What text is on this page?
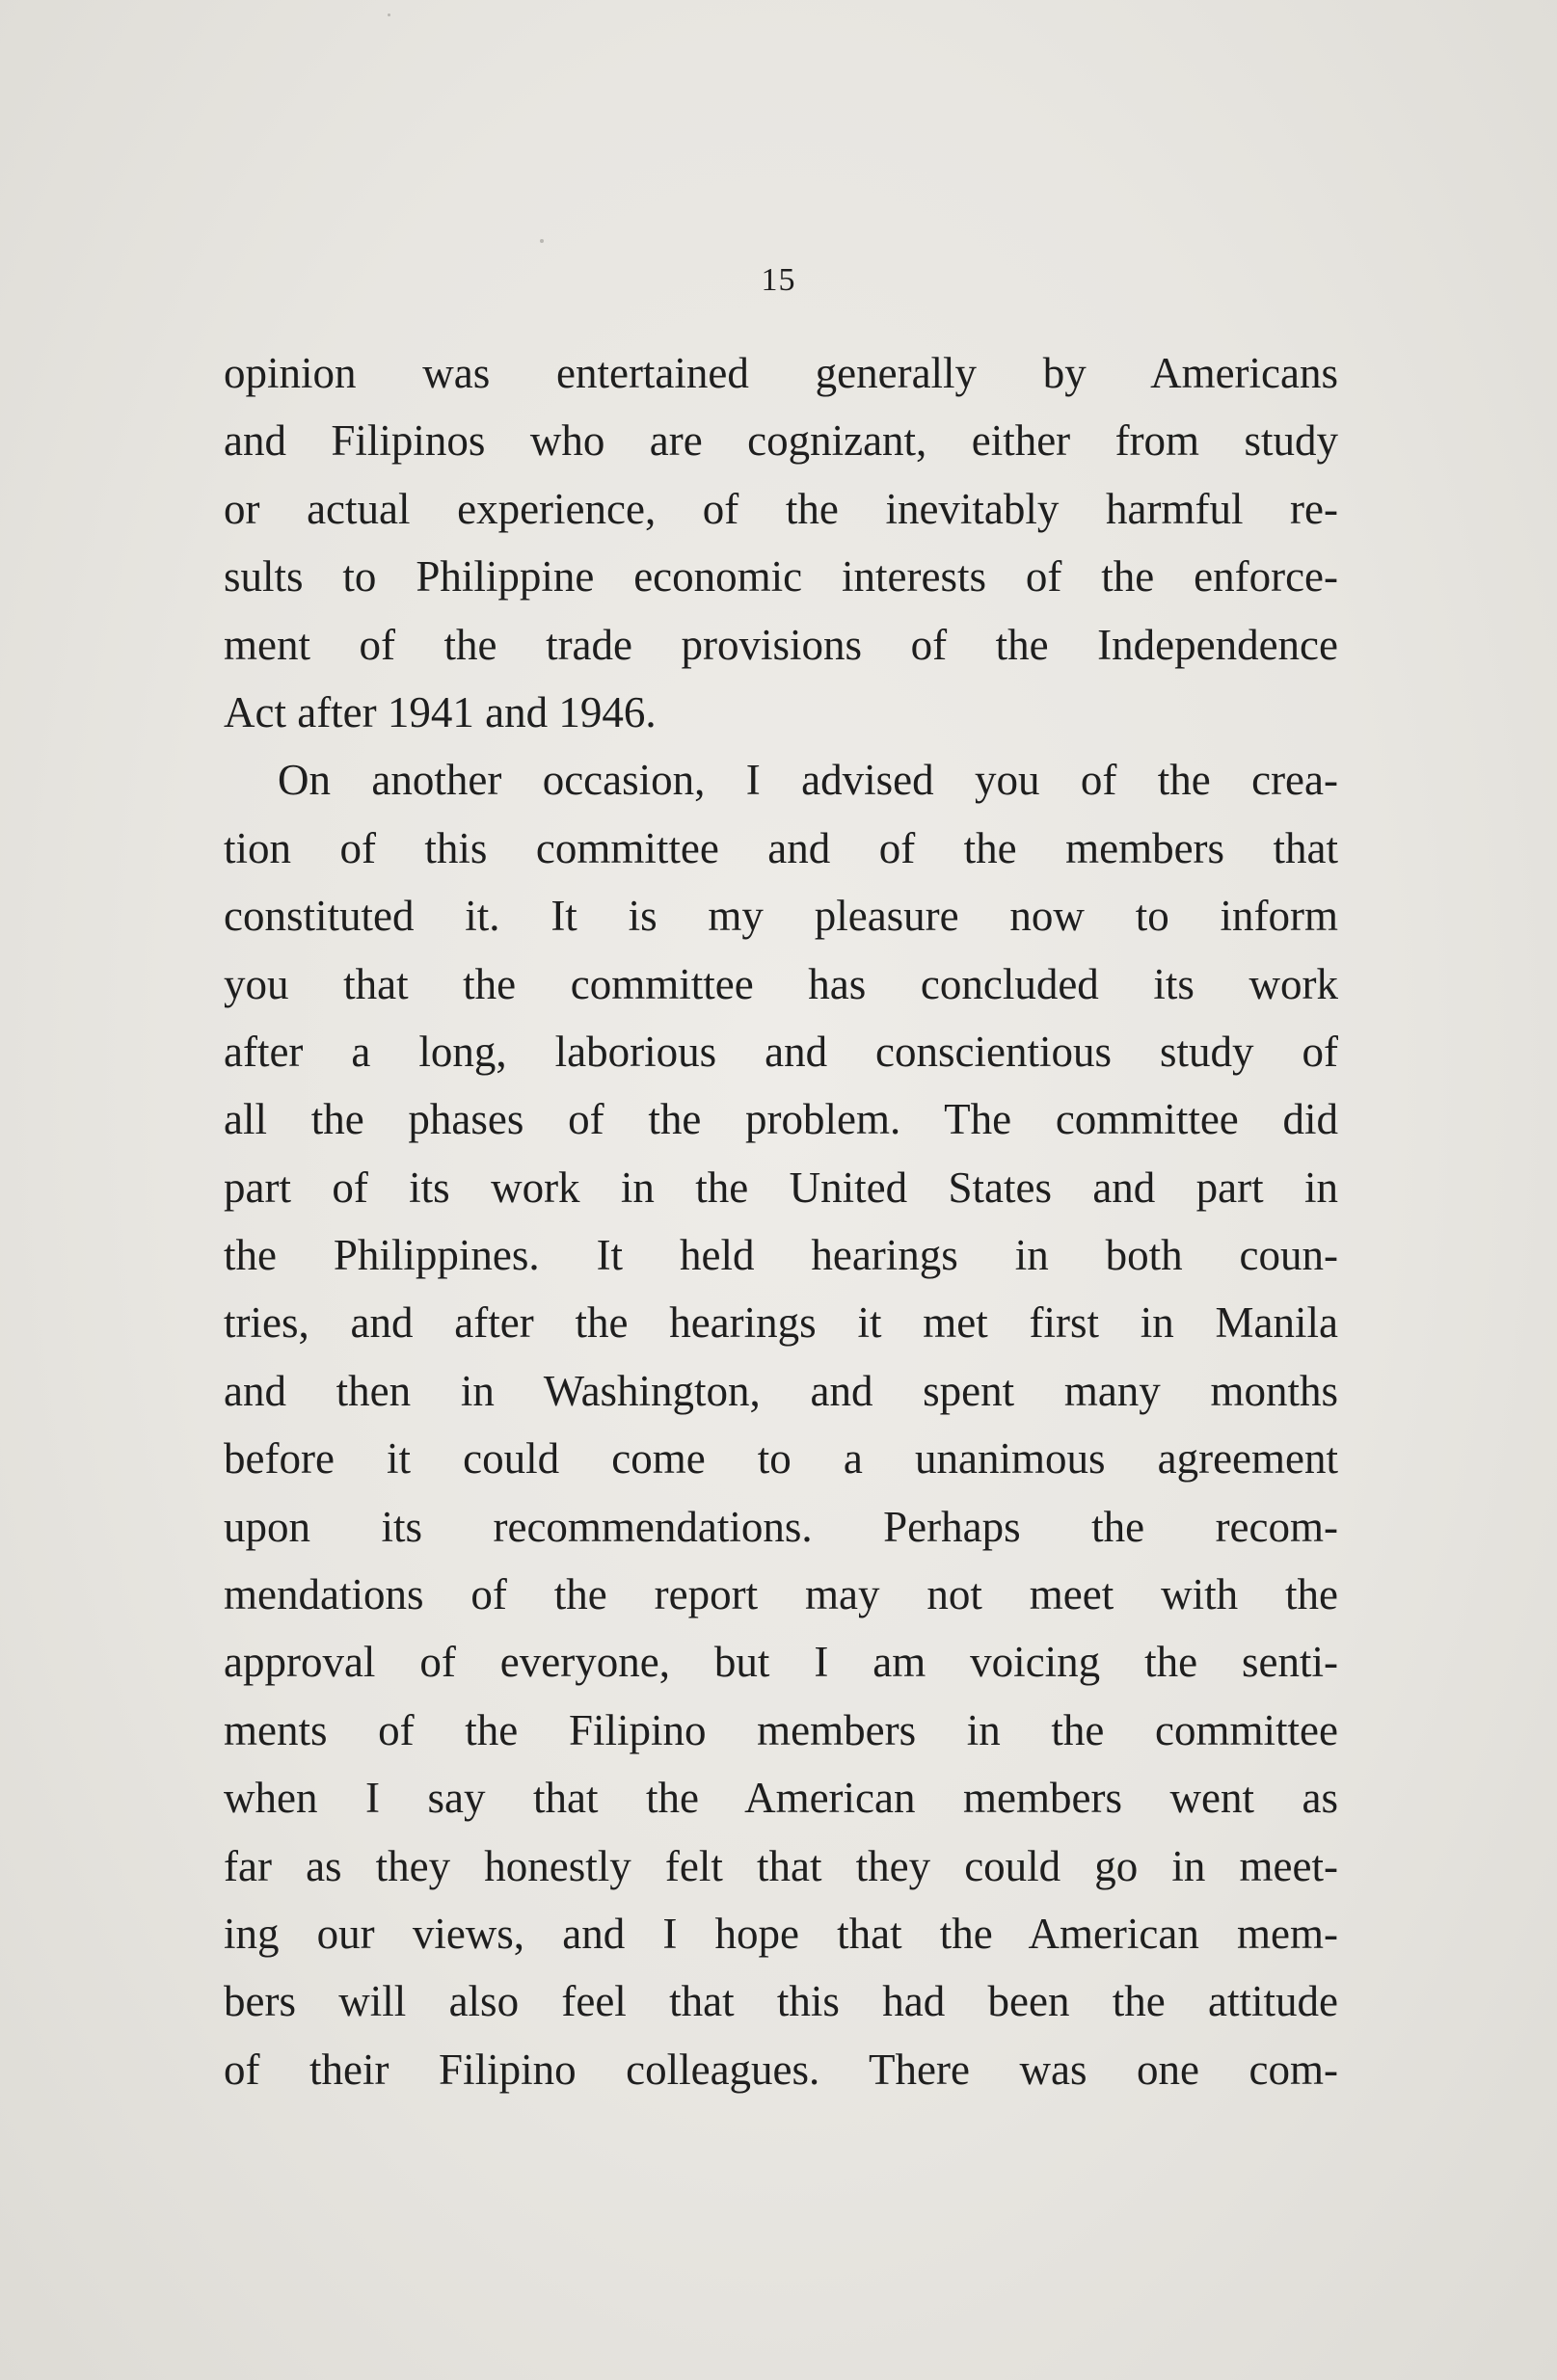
15
opinion was entertained generally by Americans
and Filipinos who are cognizant, either from study
or actual experience, of the inevitably harmful re-
sults to Philippine economic interests of the enforce-
ment of the trade provisions of the Independence
Act after 1941 and 1946.
On another occasion, I advised you of the crea-
tion of this committee and of the members that
constituted it. It is my pleasure now to inform
you that the committee has concluded its work
after a long, laborious and conscientious study of
all the phases of the problem. The committee did
part of its work in the United States and part in
the Philippines. It held hearings in both coun-
tries, and after the hearings it met first in Manila
and then in Washington, and spent many months
before it could come to a unanimous agreement
upon its recommendations. Perhaps the recom-
mendations of the report may not meet with the
approval of everyone, but I am voicing the senti-
ments of the Filipino members in the committee
when I say that the American members went as
far as they honestly felt that they could go in meet-
ing our views, and I hope that the American mem-
bers will also feel that this had been the attitude
of their Filipino colleagues. There was one com-
